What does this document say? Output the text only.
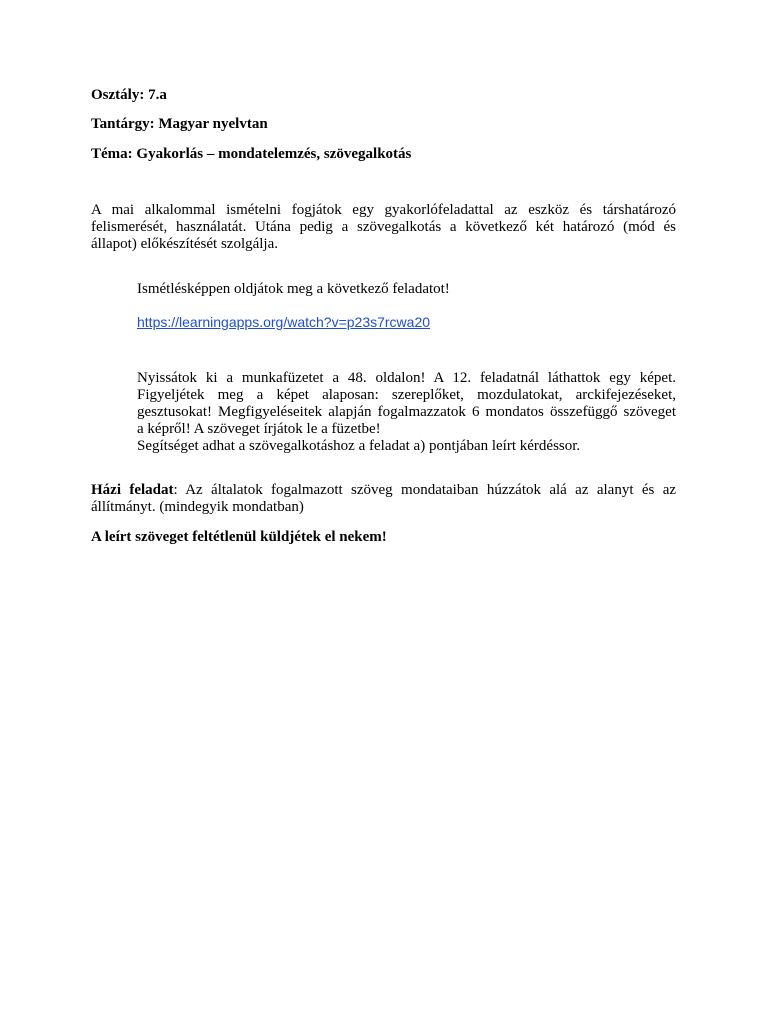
Osztály: 7.a
Tantárgy: Magyar nyelvtan
Téma: Gyakorlás – mondatelemzés, szövegalkotás
A mai alkalommal ismételni fogjátok egy gyakorlófeladattal az eszköz és társhatározó
felismerését, használatát. Utána pedig a szövegalkotás a következő két határozó (mód és
állapot) előkészítését szolgálja.
Ismétlésképpen oldjátok meg a következő feladatot!
https://learningapps.org/watch?v=p23s7rcwa20
Nyissátok ki a munkafüzetet a 48. oldalon! A 12. feladatnál láthattok egy képet.
Figyeljétek meg a képet alaposan: szereplőket, mozdulatokat, arckifejezéseket,
gesztusokat! Megfigyeléseitek alapján fogalmazzatok 6 mondatos összefüggő szöveget
a képről! A szöveget írjátok le a füzetbe!
Segítséget adhat a szövegalkotáshoz a feladat a) pontjában leírt kérdéssor.
Házi feladat: Az általatok fogalmazott szöveg mondataiban húzzátok alá az alanyt és az
állítmányt. (mindegyik mondatban)
A leírt szöveget feltétlenül küldjétek el nekem!
